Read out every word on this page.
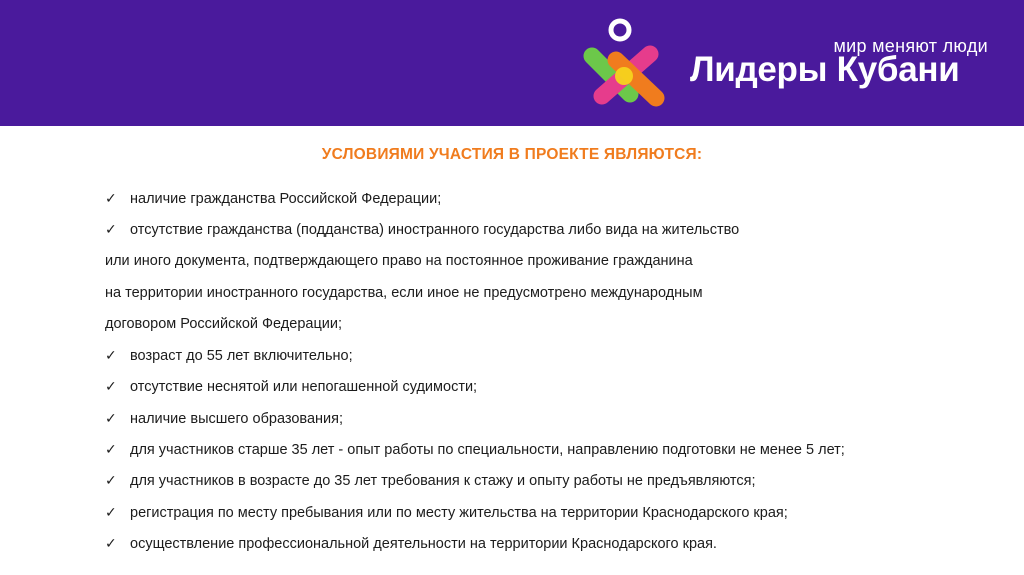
мир меняют люди
Лидеры Кубани
УСЛОВИЯМИ УЧАСТИЯ В ПРОЕКТЕ ЯВЛЯЮТСЯ:
✓ наличие гражданства Российской Федерации;
✓ отсутствие гражданства (подданства) иностранного государства либо вида на жительство
или иного документа, подтверждающего право на постоянное проживание гражданина
на территории иностранного государства, если иное не предусмотрено международным
договором Российской Федерации;
✓ возраст до 55 лет включительно;
✓ отсутствие неснятой или непогашенной судимости;
✓ наличие высшего образования;
✓ для участников старше 35 лет - опыт работы по специальности, направлению подготовки не менее 5 лет;
✓ для участников в возрасте до 35 лет требования к стажу и опыту работы не предъявляются;
✓ регистрация по месту пребывания или по месту жительства на территории Краснодарского края;
✓ осуществление профессиональной деятельности на территории Краснодарского края.
